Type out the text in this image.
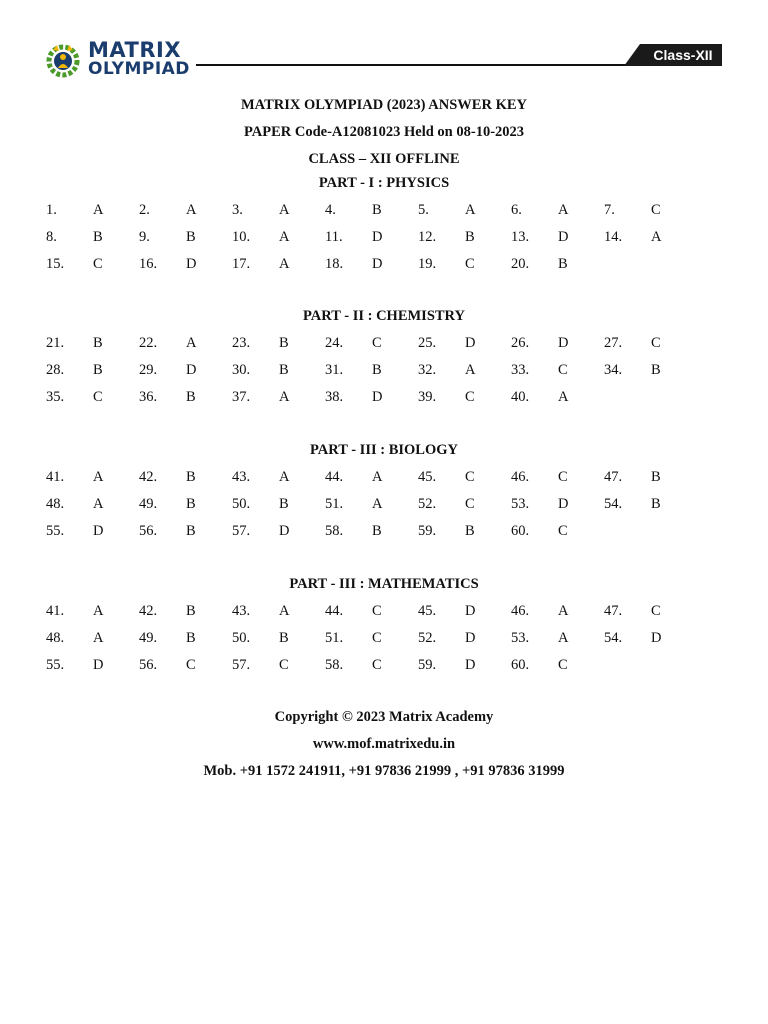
MATRIX
OLYMPIAD
Class-XII
MATRIX OLYMPIAD (2023) ANSWER KEY
PAPER Code-A12081023 Held on 08-10-2023
CLASS – XII OFFLINE
PART - I : PHYSICS
1. A 2. A 3. A 4. B	5. A 6. A 7. C
8. B	9. B	10. A 11. D 12. B	13. D 14. A
15. C	16. D 17. A 18. D 19. C	20. B
PART - II : CHEMISTRY
21. B	22. A 23. B	24. C	25. D 26. D 27. C
28. B	29. D 30. B	31. B	32. A 33. C	34. B
35. C	36. B	37. A 38. D 39. C	40. A
PART - III : BIOLOGY
41. A 42. B	43. A 44. A 45. C	46. C	47. B
48. A 49. B	50. B	51. A 52. C	53. D 54. B
55. D 56. B	57. D 58. B	59. B	60. C
PART - III : MATHEMATICS
41. A 42. B	43. A 44. C	45. D 46. A 47. C
48. A 49. B	50. B	51. C	52. D 53. A 54. D
55. D 56. C	57. C	58. C	59. D 60. C
Copyright © 2023 Matrix Academy
www.mof.matrixedu.in
Mob. +91 1572 241911, +91 97836 21999 , +91 97836 31999
